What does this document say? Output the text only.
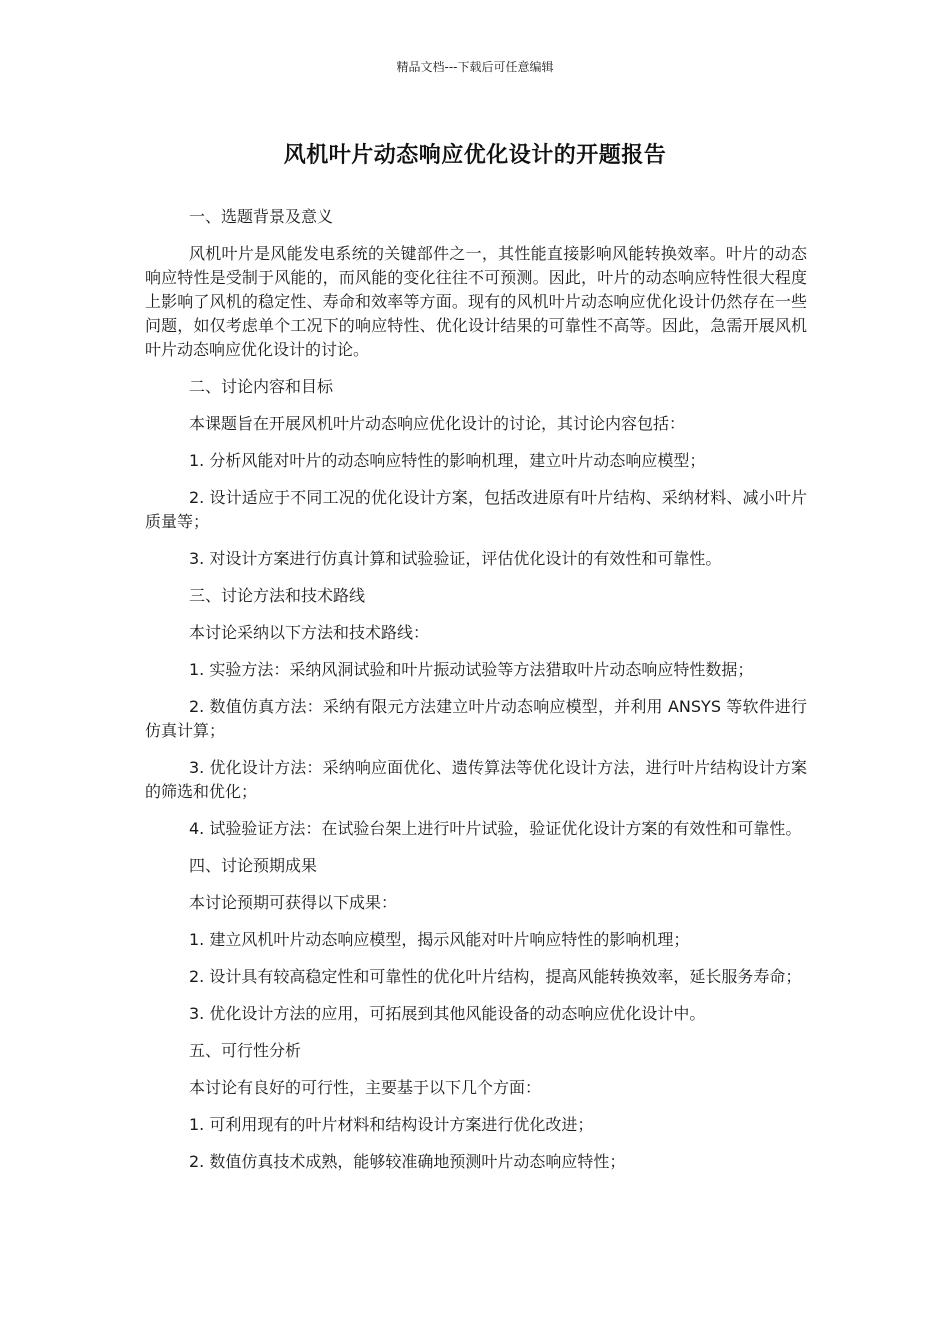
精品文档---下载后可任意编辑
风机叶片动态响应优化设计的开题报告

一、选题背景及意义

风机叶片是风能发电系统的关键部件之一，其性能直接影响风能转换效率。叶片的动态响应特性是受制于风能的，而风能的变化往往不可预测。因此，叶片的动态响应特性很大程度上影响了风机的稳定性、寿命和效率等方面。现有的风机叶片动态响应优化设计仍然存在一些问题，如仅考虑单个工况下的响应特性、优化设计结果的可靠性不高等。因此，急需开展风机叶片动态响应优化设计的讨论。

二、讨论内容和目标

本课题旨在开展风机叶片动态响应优化设计的讨论，其讨论内容包括：

1. 分析风能对叶片的动态响应特性的影响机理，建立叶片动态响应模型；

2. 设计适应于不同工况的优化设计方案，包括改进原有叶片结构、采纳材料、减小叶片质量等；

3. 对设计方案进行仿真计算和试验验证，评估优化设计的有效性和可靠性。

三、讨论方法和技术路线

本讨论采纳以下方法和技术路线：

1. 实验方法：采纳风洞试验和叶片振动试验等方法猎取叶片动态响应特性数据；

2. 数值仿真方法：采纳有限元方法建立叶片动态响应模型，并利用 ANSYS 等软件进行仿真计算；

3. 优化设计方法：采纳响应面优化、遗传算法等优化设计方法，进行叶片结构设计方案的筛选和优化；

4. 试验验证方法：在试验台架上进行叶片试验，验证优化设计方案的有效性和可靠性。

四、讨论预期成果

本讨论预期可获得以下成果：

1. 建立风机叶片动态响应模型，揭示风能对叶片响应特性的影响机理；

2. 设计具有较高稳定性和可靠性的优化叶片结构，提高风能转换效率，延长服务寿命；

3. 优化设计方法的应用，可拓展到其他风能设备的动态响应优化设计中。

五、可行性分析

本讨论有良好的可行性，主要基于以下几个方面：

1. 可利用现有的叶片材料和结构设计方案进行优化改进；

2. 数值仿真技术成熟，能够较准确地预测叶片动态响应特性；
